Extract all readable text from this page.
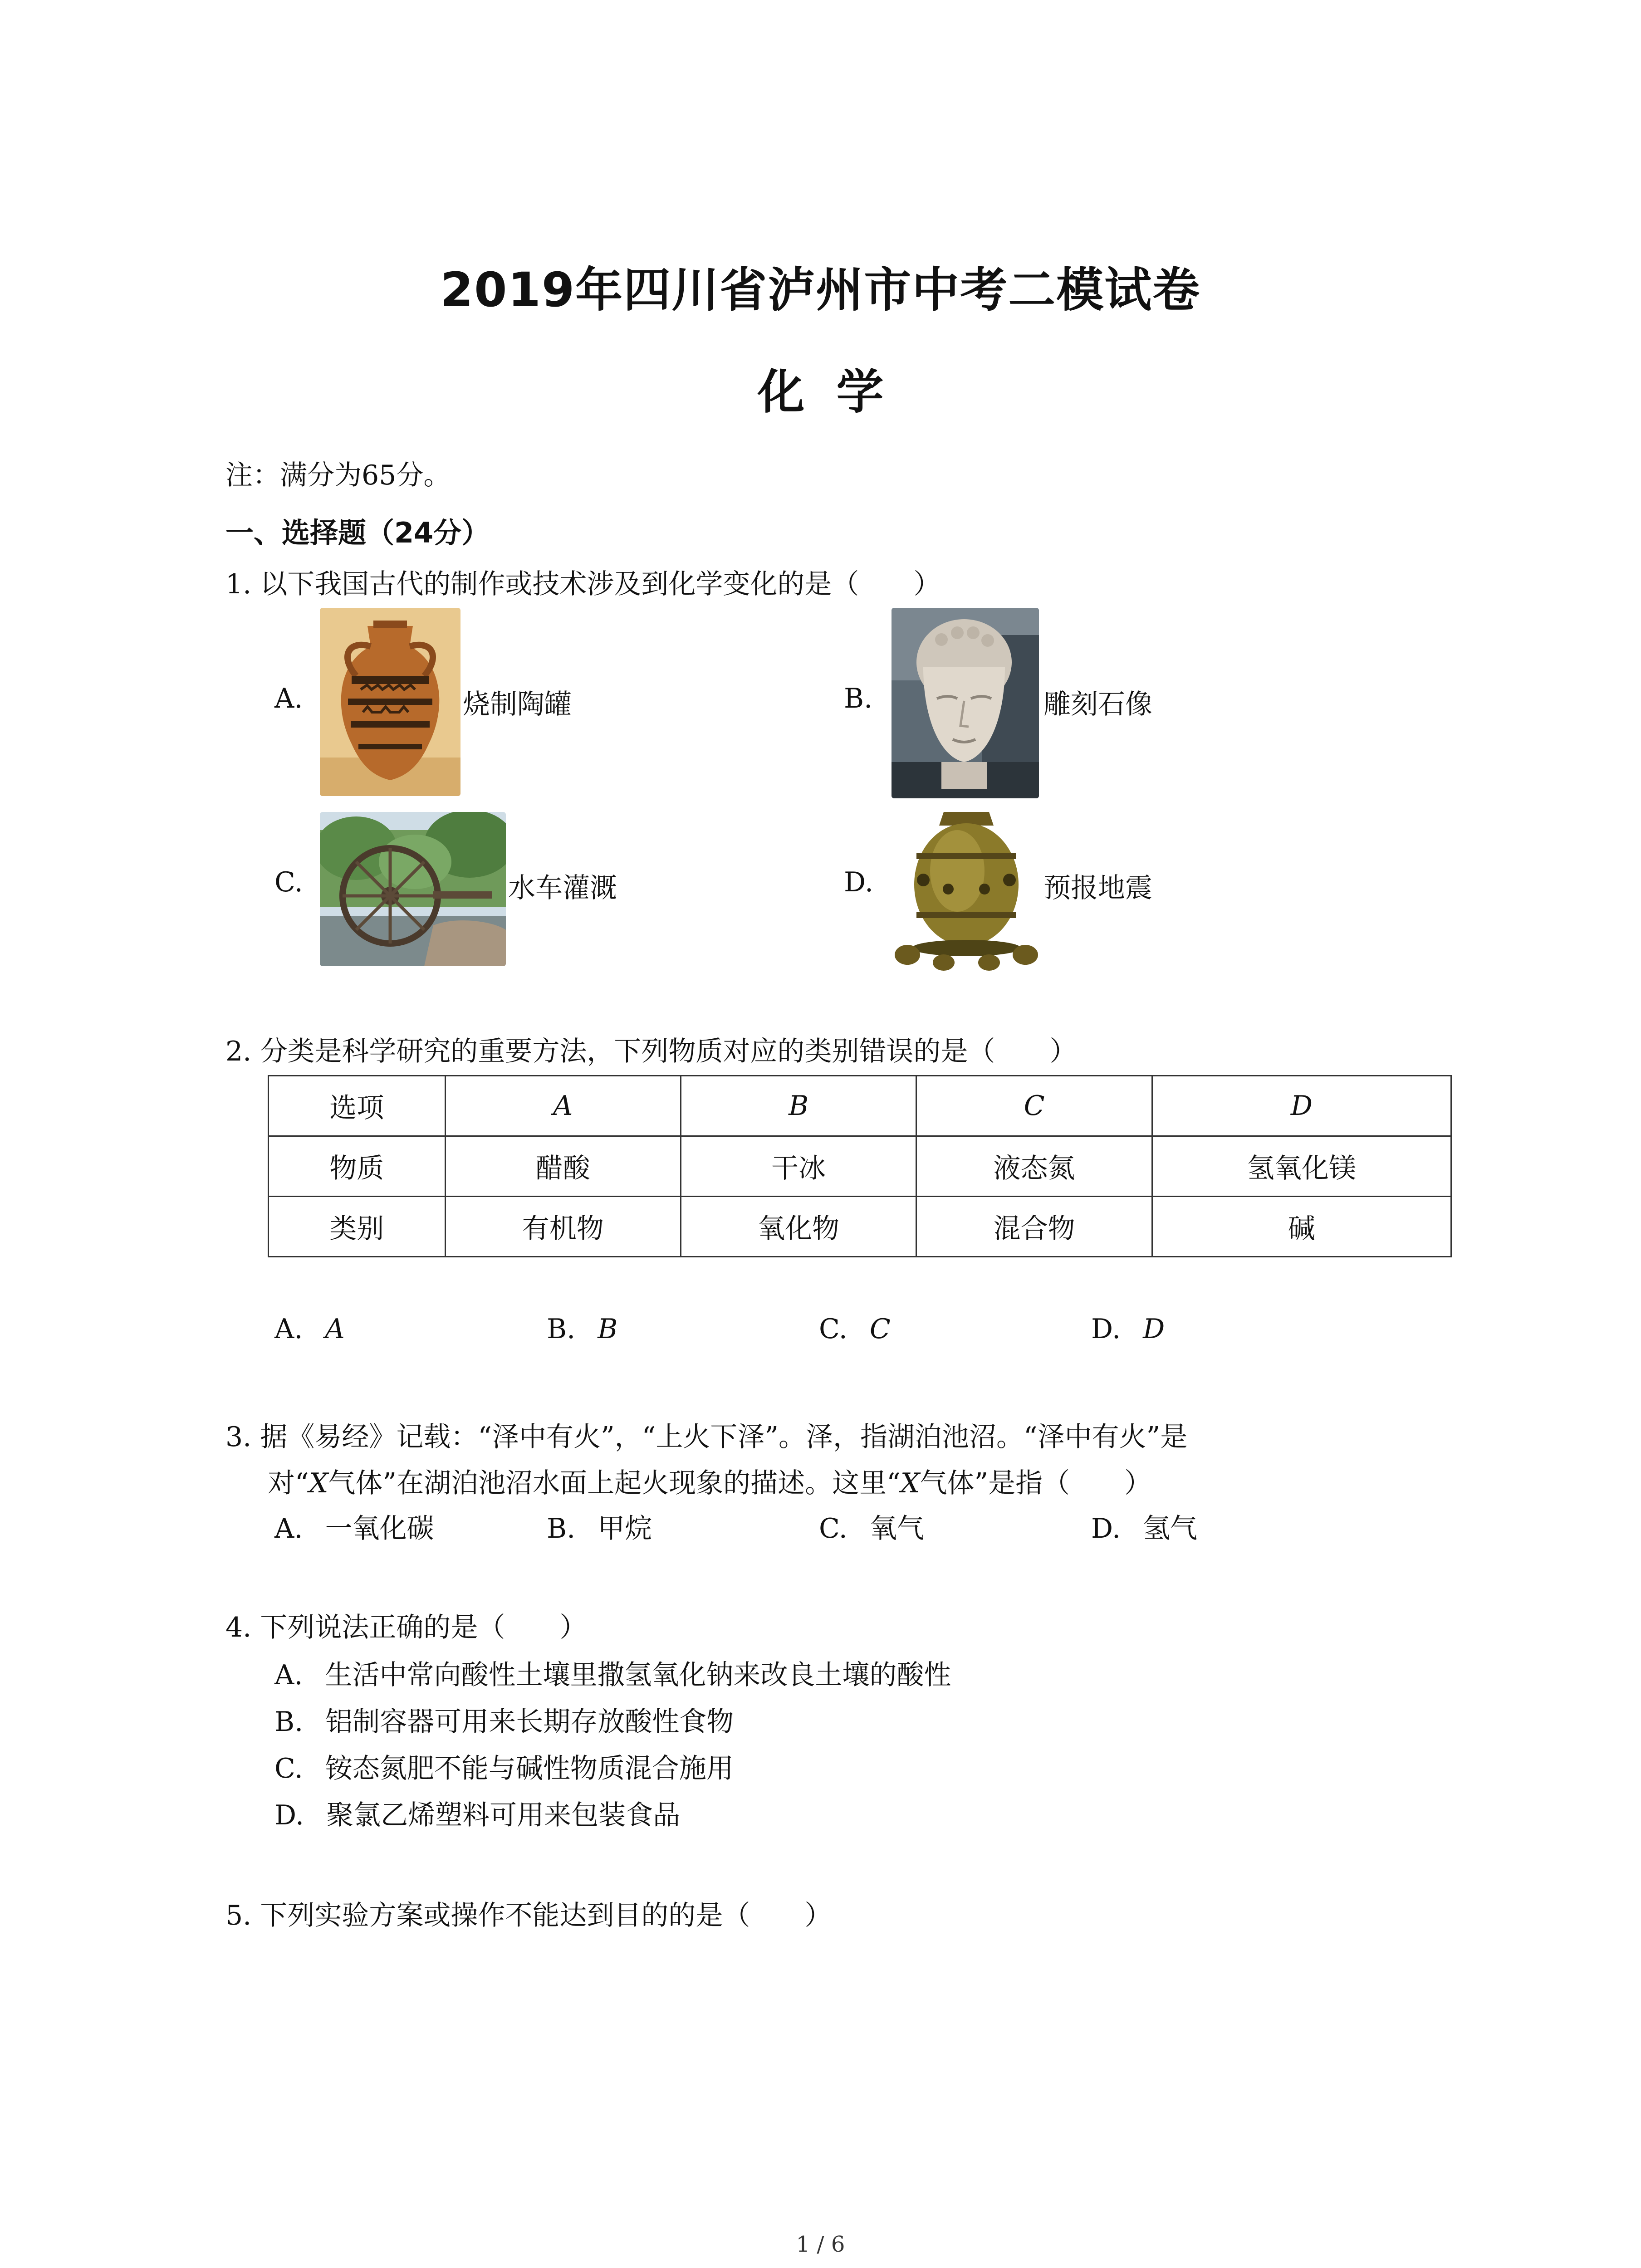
2019年四川省泸州市中考二模试卷
化学
注：满分为65分。
一、选择题（24分）
1. 以下我国古代的制作或技术涉及到化学变化的是（　　）
A.	烧制陶罐	B.	雕刻石像
C.	水车灌溉	D.	预报地震
2. 分类是科学研究的重要方法，下列物质对应的类别错误的是（　　）
选项	A	B	C	D
物质	醋酸	干冰	液态氮	氢氧化镁
类别	有机物	氧化物	混合物	碱
A. A	B. B	C. C	D. D
3. 据《易经》记载：“泽中有火”，“上火下泽”。泽，指湖泊池沼。“泽中有火”是
对“X气体”在湖泊池沼水面上起火现象的描述。这里“X气体”是指（　　）
A. 一氧化碳	B. 甲烷	C. 氧气	D. 氢气
4. 下列说法正确的是（　　）
A. 生活中常向酸性土壤里撒氢氧化钠来改良土壤的酸性
B. 铝制容器可用来长期存放酸性食物
C. 铵态氮肥不能与碱性物质混合施用
D. 聚氯乙烯塑料可用来包装食品
5. 下列实验方案或操作不能达到目的的是（　　）
1 / 6
